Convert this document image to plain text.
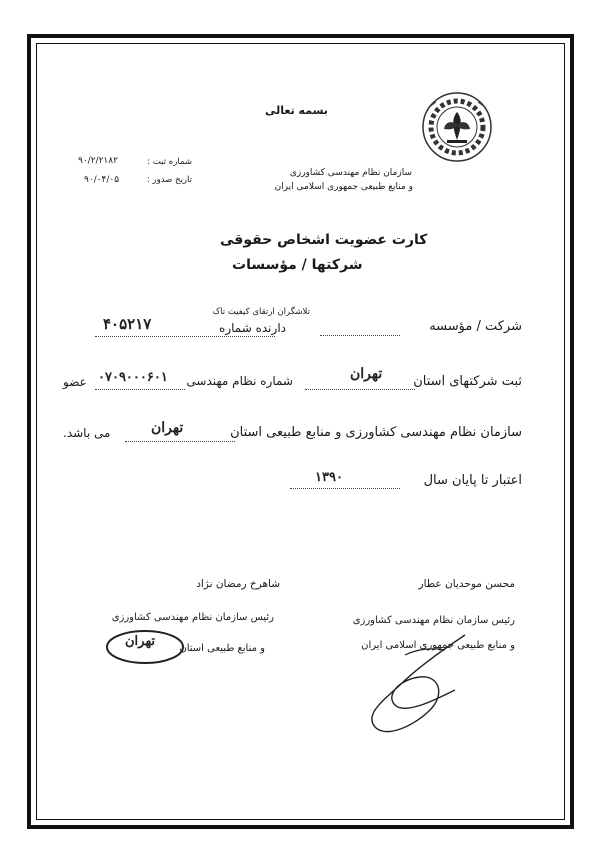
بسمه تعالی
سازمان نظام مهندسی کشاورزی
و منابع طبیعی جمهوری اسلامی ایران
شماره ثبت :
۹۰/۲/۲۱۸۲
تاریخ صدور :
۹۰/۰۴/۰۵
کارت عضویت اشخاص حقوقی
شرکتها / مؤسسات
شرکت / مؤسسه
تلاشگران ارتقای کیفیت تاک
دارنده شماره
۴۰۵۲۱۷
ثبت شرکتهای استان
تهران
شماره نظام مهندسی
۰۷۰۹۰۰۰۶۰۱
عضو
سازمان نظام مهندسی کشاورزی و منابع طبیعی استان
تهران
می باشد.
اعتبار تا پایان سال
۱۳۹۰
محسن موحدیان عطار
رئیس سازمان نظام مهندسی کشاورزی
و منابع طبیعی جمهوری اسلامی ایران
شاهرخ رمضان نژاد
رئیس سازمان نظام مهندسی کشاورزی
و منابع طبیعی استان
تهران
